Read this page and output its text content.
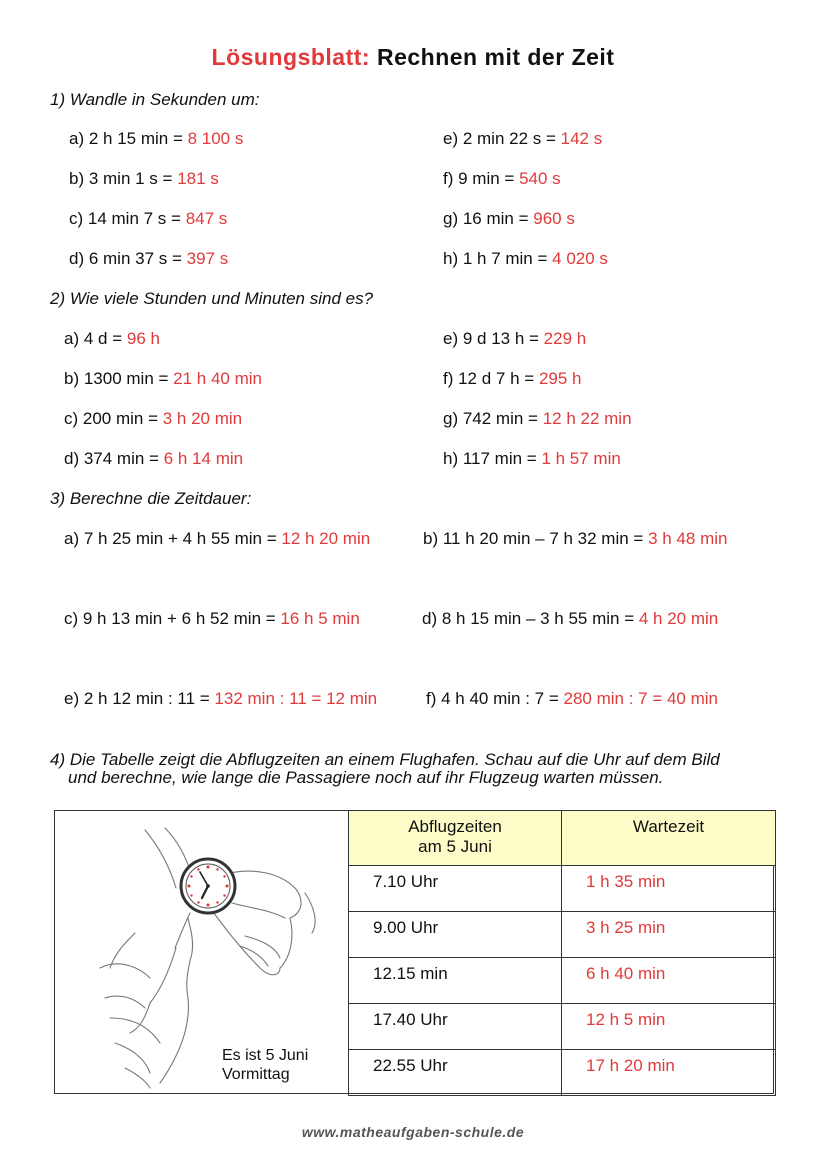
Lösungsblatt: Rechnen mit der Zeit
1) Wandle in Sekunden um:
a) 2 h 15 min = 8 100 s
b) 3 min 1 s = 181 s
c) 14 min 7 s = 847 s
d) 6 min 37 s = 397 s
e) 2 min 22 s = 142 s
f) 9 min = 540 s
g) 16 min = 960 s
h) 1 h 7 min = 4 020 s
2) Wie viele Stunden und Minuten sind es?
a) 4 d = 96 h
b) 1300 min = 21 h 40 min
c) 200 min = 3 h 20 min
d) 374 min = 6 h 14 min
e) 9 d 13 h = 229 h
f) 12 d 7 h = 295 h
g) 742 min = 12 h 22 min
h) 117 min = 1 h 57 min
3) Berechne die Zeitdauer:
a) 7 h 25 min + 4 h 55 min = 12 h 20 min	b) 11 h 20 min – 7 h 32 min = 3 h 48 min
c) 9 h 13 min + 6 h 52 min = 16 h 5 min	d) 8 h 15 min – 3 h 55 min = 4 h 20 min
e) 2 h 12 min : 11 = 132 min : 11 = 12 min	f) 4 h 40 min : 7 = 280 min : 7 = 40 min
4) Die Tabelle zeigt die Abflugzeiten an einem Flughafen. Schau auf die Uhr auf dem Bild
und berechne, wie lange die Passagiere noch auf ihr Flugzeug warten müssen.
Es ist 5 Juni
Vormittag
Abflugzeiten
am 5 Juni	Wartezeit
7.10 Uhr	1 h 35 min
9.00 Uhr	3 h 25 min
12.15 min	6 h 40 min
17.40 Uhr	12 h 5 min
22.55 Uhr	17 h 20 min
www.matheaufgaben-schule.de
